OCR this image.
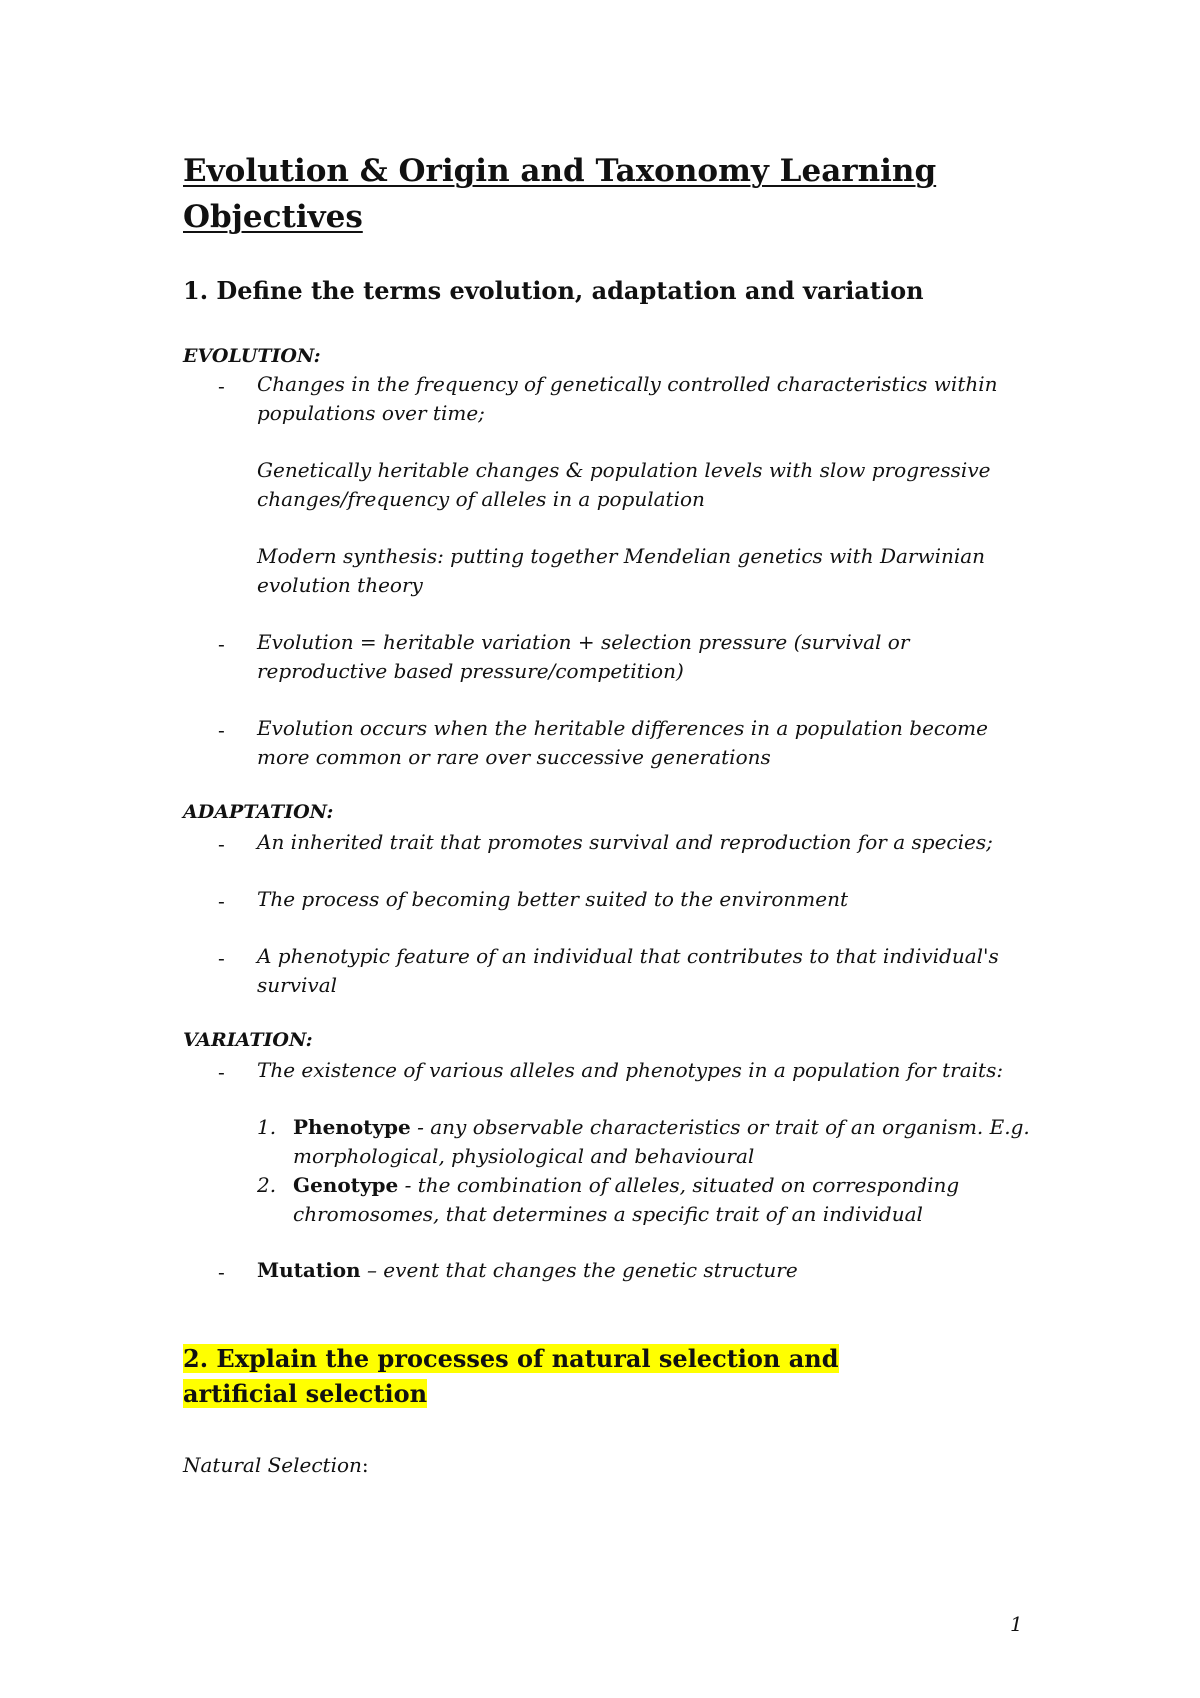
Evolution & Origin and Taxonomy Learning Objectives
1. Define the terms evolution, adaptation and variation
EVOLUTION:
- Changes in the frequency of genetically controlled characteristics within populations over time;
Genetically heritable changes & population levels with slow progressive changes/frequency of alleles in a population
Modern synthesis: putting together Mendelian genetics with Darwinian evolution theory
- Evolution = heritable variation + selection pressure (survival or reproductive based pressure/competition)
- Evolution occurs when the heritable differences in a population become more common or rare over successive generations
ADAPTATION:
- An inherited trait that promotes survival and reproduction for a species;
- The process of becoming better suited to the environment
- A phenotypic feature of an individual that contributes to that individual's survival
VARIATION:
- The existence of various alleles and phenotypes in a population for traits:
1. Phenotype - any observable characteristics or trait of an organism. E.g. morphological, physiological and behavioural
2. Genotype - the combination of alleles, situated on corresponding chromosomes, that determines a specific trait of an individual
- Mutation – event that changes the genetic structure
2. Explain the processes of natural selection and artificial selection
Natural Selection:
1
